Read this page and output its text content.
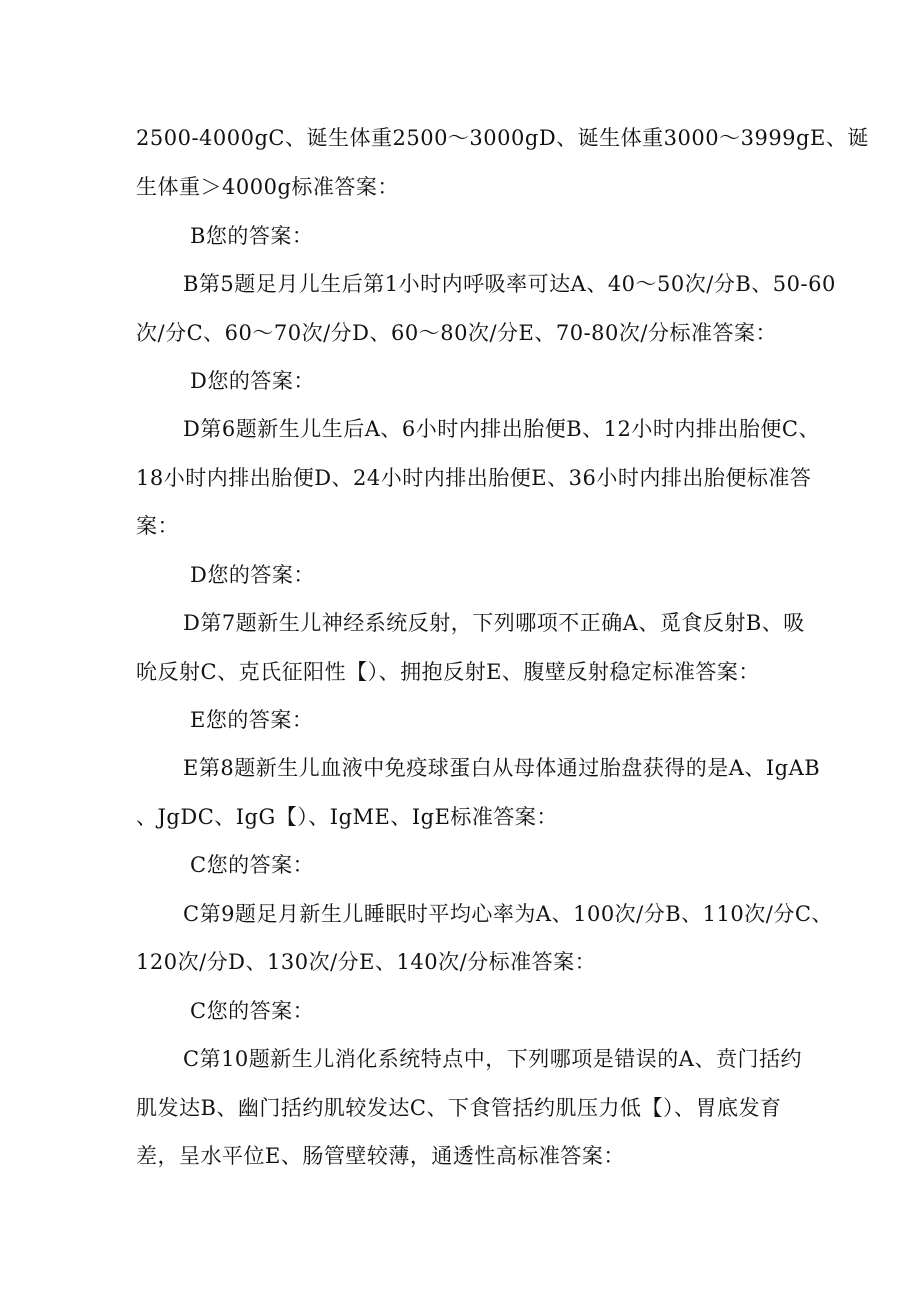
2500-4000gC、诞生体重2500～3000gD、诞生体重3000～3999gE、诞
生体重＞4000g标准答案：
B您的答案：
B第5题足月儿生后第1小时内呼吸率可达A、40～50次/分B、50-60
次/分C、60～70次/分D、60～80次/分E、70-80次/分标准答案：
D您的答案：
D第6题新生儿生后A、6小时内排出胎便B、12小时内排出胎便C、
18小时内排出胎便D、24小时内排出胎便E、36小时内排出胎便标准答
案：
D您的答案：
D第7题新生儿神经系统反射，下列哪项不正确A、觅食反射B、吸
吮反射C、克氏征阳性【）、拥抱反射E、腹壁反射稳定标准答案：
E您的答案：
E第8题新生儿血液中免疫球蛋白从母体通过胎盘获得的是A、IgAB
、JgDC、IgG【）、IgME、IgE标准答案：
C您的答案：
C第9题足月新生儿睡眠时平均心率为A、100次/分B、110次/分C、
120次/分D、130次/分E、140次/分标准答案：
C您的答案：
C第10题新生儿消化系统特点中，下列哪项是错误的A、贲门括约
肌发达B、幽门括约肌较发达C、下食管括约肌压力低【）、胃底发育
差，呈水平位E、肠管壁较薄，通透性高标准答案：
